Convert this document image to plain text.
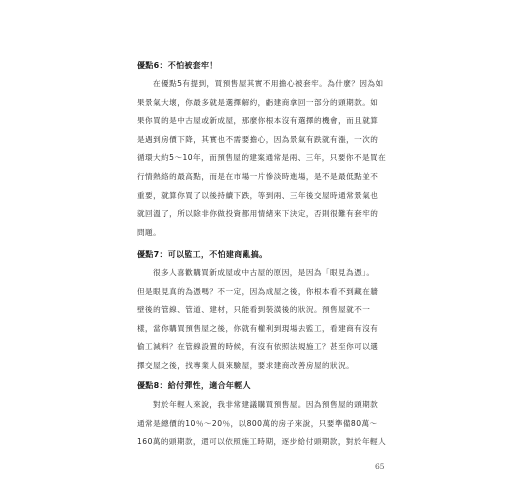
優點6：不怕被套牢！
在優點5有提到，買預售屋其實不用擔心被套牢。為什麼？因為如
果景氣大壞，你最多就是選擇解約，虧建商拿回一部分的頭期款。如
果你買的是中古屋或新成屋，那麼你根本沒有選擇的機會，而且就算
是遇到房價下降，其實也不需要擔心，因為景氣有跌就有漲，一次的
循環大約5～10年，而預售屋的建案通常是兩、三年，只要你不是買在
行情熱絡的最高點，而是在市場一片慘淡時進場，是不是最低點並不
重要，就算你買了以後持續下跌，等到兩、三年後交屋時通常景氣也
就回溫了，所以除非你做投資都用情緒來下決定，否則很難有套牢的
問題。
優點7：可以監工，不怕建商亂搞。
很多人喜歡購買新成屋或中古屋的原因，是因為「眼見為憑」。
但是眼見真的為憑嗎？不一定，因為成屋之後，你根本看不到藏在牆
壁後的管線、管道、建材，只能看到裝潢後的狀況。預售屋就不一
樣，當你購買預售屋之後，你就有權利到現場去監工，看建商有沒有
偷工減料？在管線設置的時候，有沒有依照法規施工？甚至你可以選
擇交屋之後，找專業人員來驗屋，要求建商改善房屋的狀況。
優點8：給付彈性，適合年輕人
對於年輕人來說，我非常建議購買預售屋。因為預售屋的頭期款
通常是總價的10％～20％，以800萬的房子來說，只要準備80萬～
160萬的頭期款，還可以依照施工時期，逐步給付頭期款，對於年輕人
65
